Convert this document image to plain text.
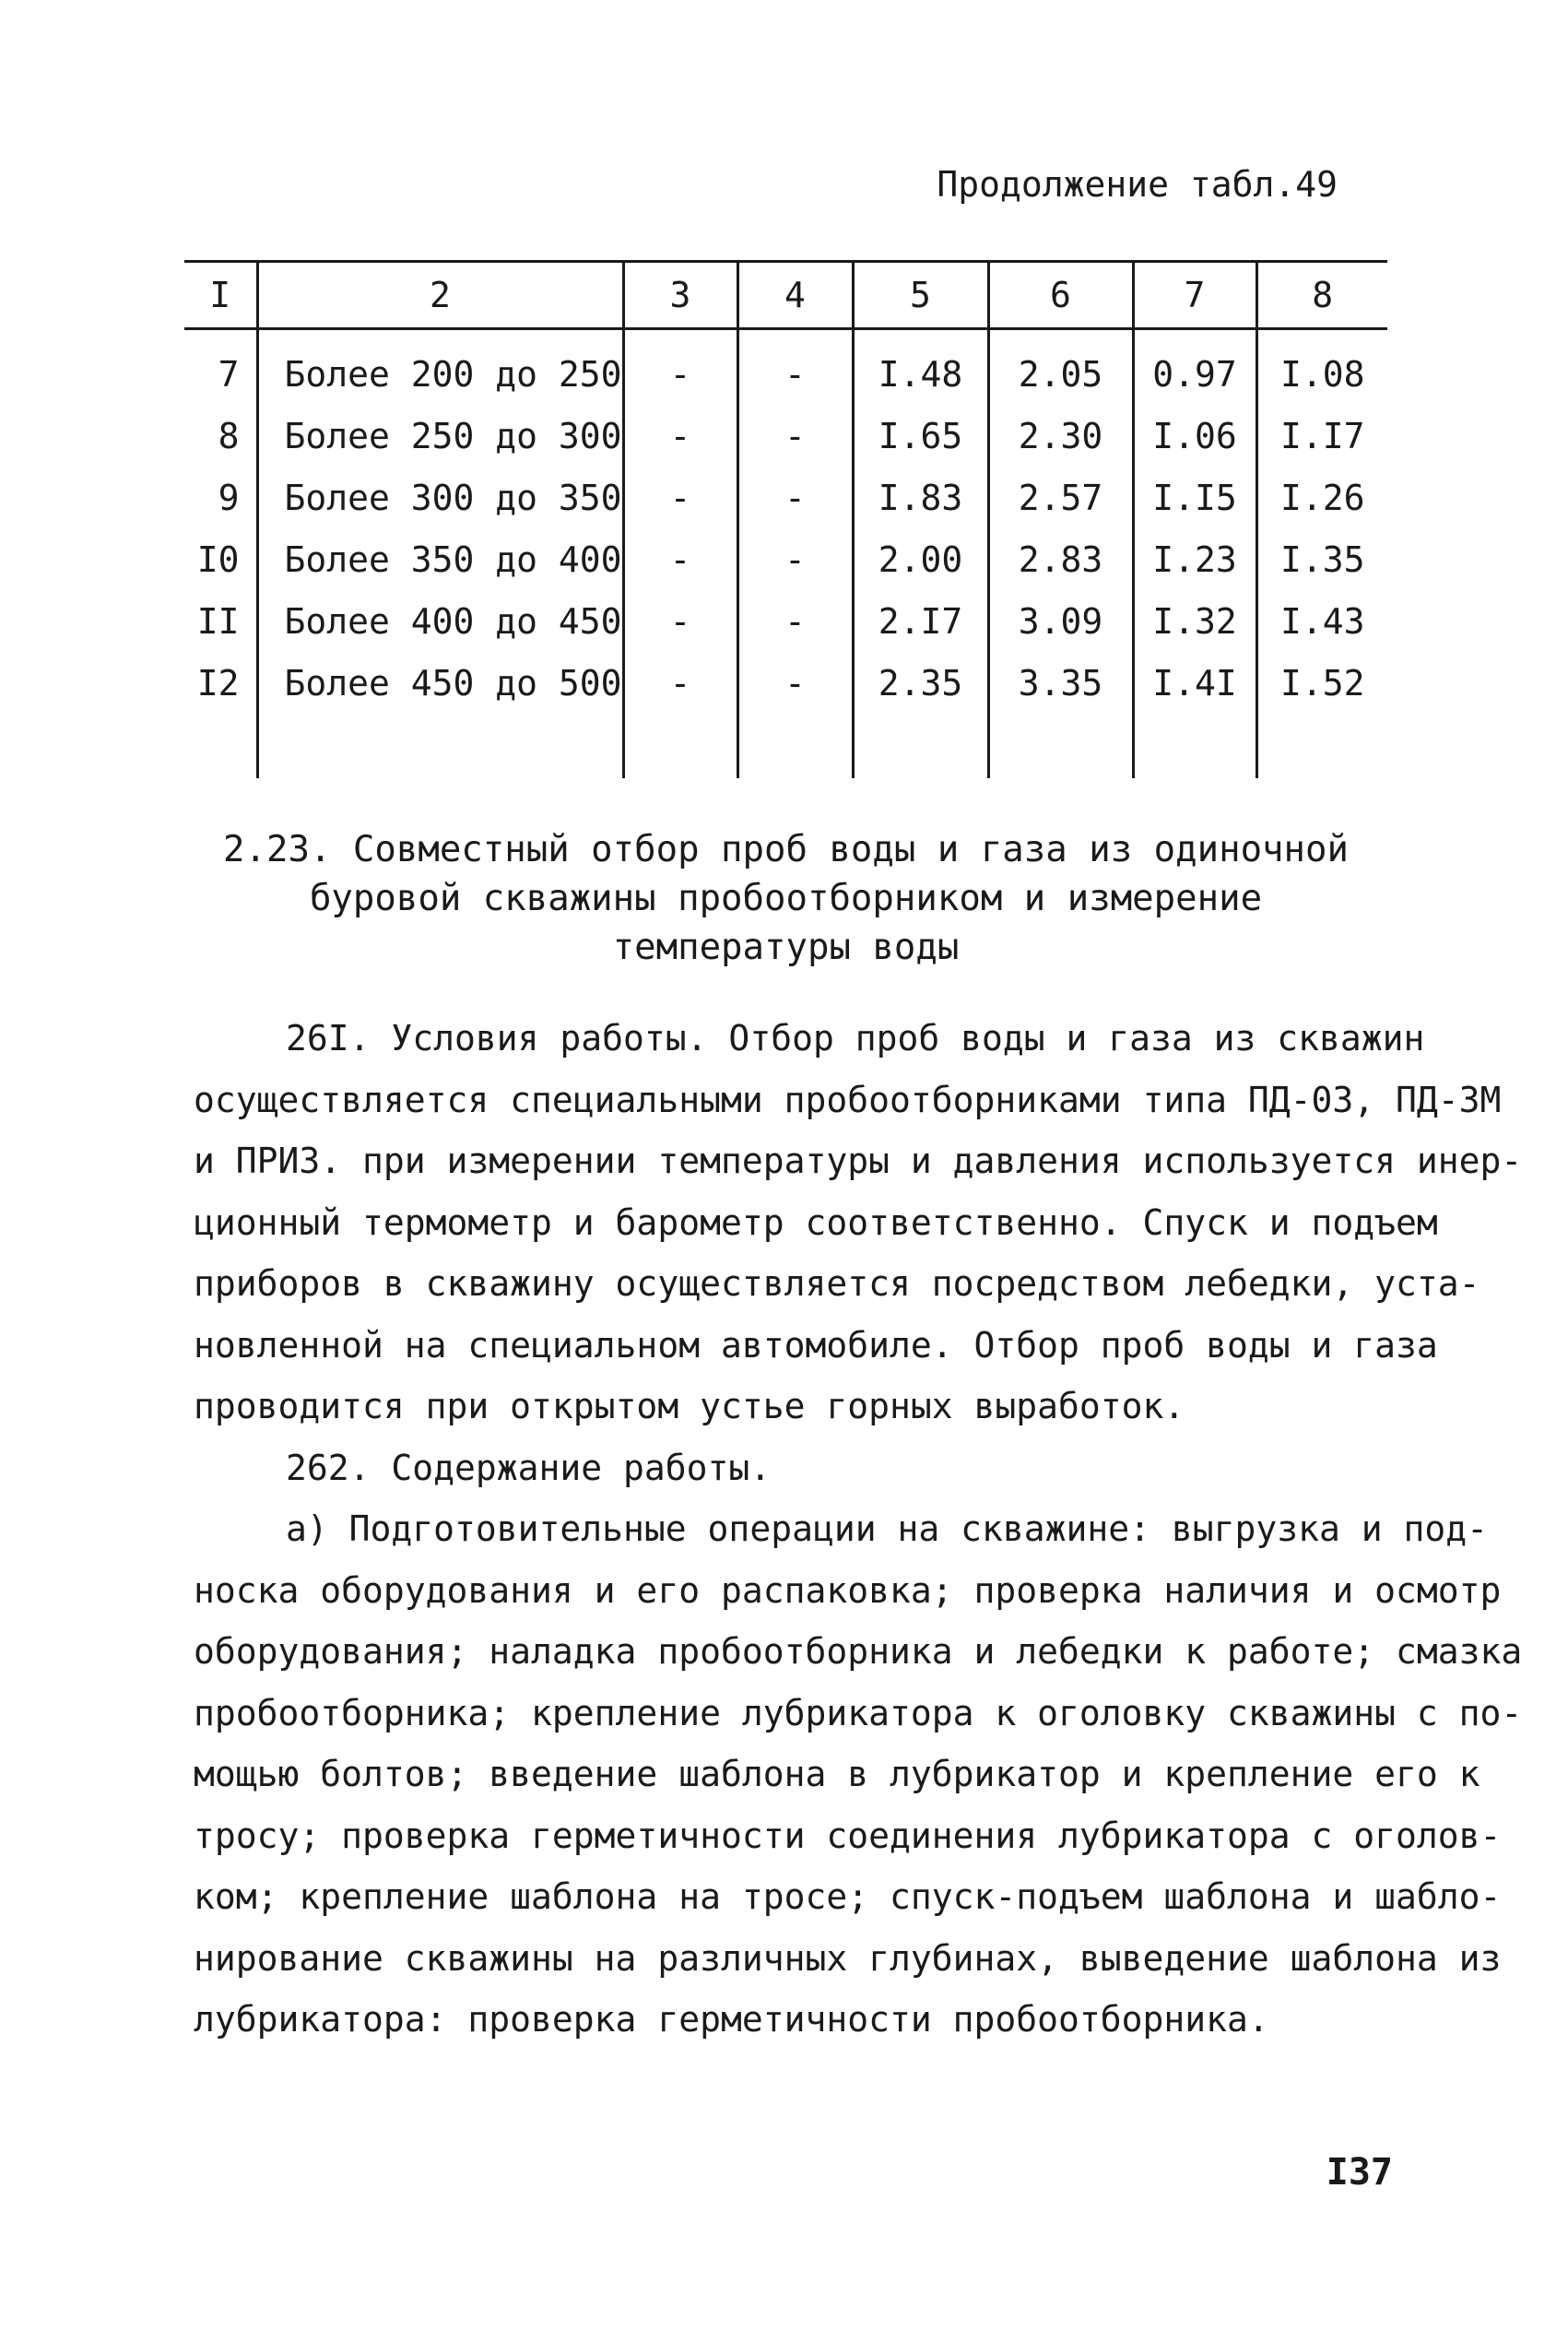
Продолжение табл.49
I	2	3	4	5	6	7	8
7	Более 200 до 250	-	-	I.48	2.05	0.97	I.08
8	Более 250 до 300	-	-	I.65	2.30	I.06	I.I7
9	Более 300 до 350	-	-	I.83	2.57	I.I5	I.26
I0	Более 350 до 400	-	-	2.00	2.83	I.23	I.35
II	Более 400 до 450	-	-	2.I7	3.09	I.32	I.43
I2	Более 450 до 500	-	-	2.35	3.35	I.4I	I.52

2.23. Совместный отбор проб воды и газа из одиночной
буровой скважины пробоотборником и измерение
температуры воды
26I. Условия работы. Отбор проб воды и газа из скважин
осуществляется специальными пробоотборниками типа ПД-03, ПД-3М
и ПРИЗ. при измерении температуры и давления используется инер-
ционный термометр и барометр соответственно. Спуск и подъем
приборов в скважину осуществляется посредством лебедки, уста-
новленной на специальном автомобиле. Отбор проб воды и газа
проводится при открытом устье горных выработок.
262. Содержание работы.
а) Подготовительные операции на скважине: выгрузка и под-
носка оборудования и его распаковка; проверка наличия и осмотр
оборудования; наладка пробоотборника и лебедки к работе; смазка
пробоотборника; крепление лубрикатора к оголовку скважины с по-
мощью болтов; введение шаблона в лубрикатор и крепление его к
тросу; проверка герметичности соединения лубрикатора с оголов-
ком; крепление шаблона на тросе; спуск-подъем шаблона и шабло-
нирование скважины на различных глубинах, выведение шаблона из
лубрикатора: проверка герметичности пробоотборника.
I37
